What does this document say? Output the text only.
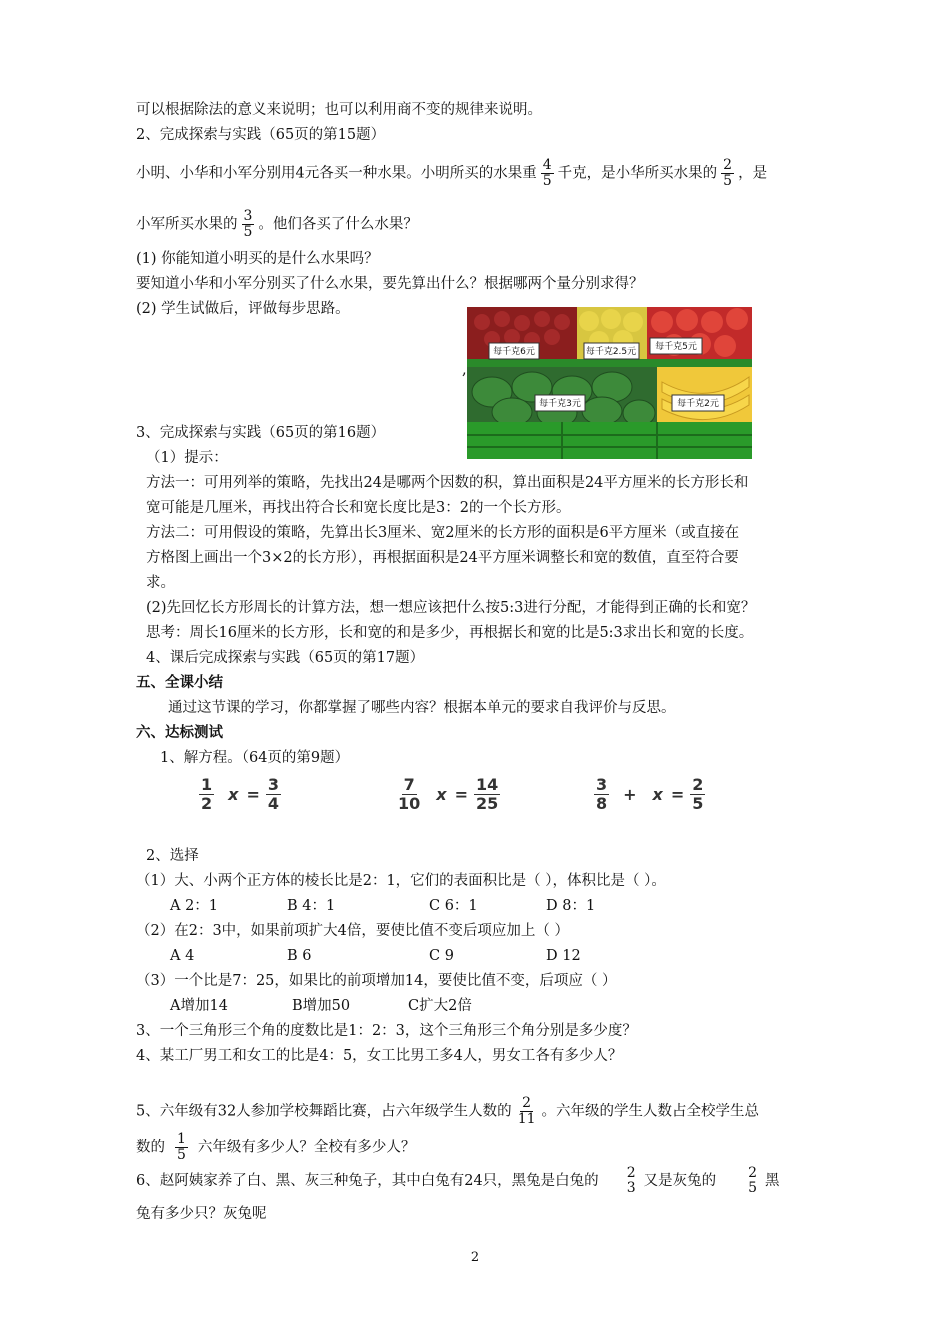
可以根据除法的意义来说明；也可以利用商不变的规律来说明。
2、完成探索与实践（65页的第15题）
小明、小华和小军分别用4元各买一种水果。小明所买的水果重 $\frac{4}{5}$ 千克，是小华所买水果的 $\frac{2}{5}$ ，是
小军所买水果的 $\frac{3}{5}$ 。他们各买了什么水果？
(1) 你能知道小明买的是什么水果吗？
要知道小华和小军分别买了什么水果，要先算出什么？根据哪两个量分别求得？
(2) 学生试做后，评做每步思路。
,
每千克6元	每千克2.5元 每千克5元
每千克3元	每千克2元
3、完成探索与实践（65页的第16题）
（1）提示：
方法一：可用列举的策略，先找出24是哪两个因数的积，算出面积是24平方厘米的长方形长和
宽可能是几厘米，再找出符合长和宽长度比是3：2的一个长方形。
方法二：可用假设的策略，先算出长3厘米、宽2厘米的长方形的面积是6平方厘米（或直接在
方格图上画出一个3×2的长方形），再根据面积是24平方厘米调整长和宽的数值，直至符合要
求。
(2)先回忆长方形周长的计算方法，想一想应该把什么按5:3进行分配，才能得到正确的长和宽？
思考：周长16厘米的长方形，长和宽的和是多少，再根据长和宽的比是5:3求出长和宽的长度。
4、课后完成探索与实践（65页的第17题）
五、全课小结
通过这节课的学习，你都掌握了哪些内容？根据本单元的要求自我评价与反思。
六、达标测试
1、解方程。（64页的第9题）
$\frac{1}{2}$ $x = \frac{3}{4}$	$\frac{7}{10}$ $x = \frac{14}{25}$	$\frac{3}{8} + x = \frac{2}{5}$
2、选择
（1）大、小两个正方体的棱长比是2：1，它们的表面积比是（ ），体积比是（ ）。
A 2：1	B 4：1	C 6：1	D 8：1
（2）在2：3中，如果前项扩大4倍，要使比值不变后项应加上（ ）
A 4	B 6	C 9	D 12
（3）一个比是7：25，如果比的前项增加14，要使比值不变，后项应（ ）
A增加14	B增加50	C扩大2倍
3、一个三角形三个角的度数比是1：2：3，这个三角形三个角分别是多少度？
4、某工厂男工和女工的比是4：5，女工比男工多4人，男女工各有多少人？
5、六年级有32人参加学校舞蹈比赛，占六年级学生人数的 $\frac{2}{11}$ 。六年级的学生人数占全校学生总
数的 $\frac{1}{5}$ 六年级有多少人？全校有多少人？
6、赵阿姨家养了白、黑、灰三种兔子，其中白兔有24只，黑兔是白兔的 2
3 又是灰兔的 2
5 黑
兔有多少只？灰兔呢
2
